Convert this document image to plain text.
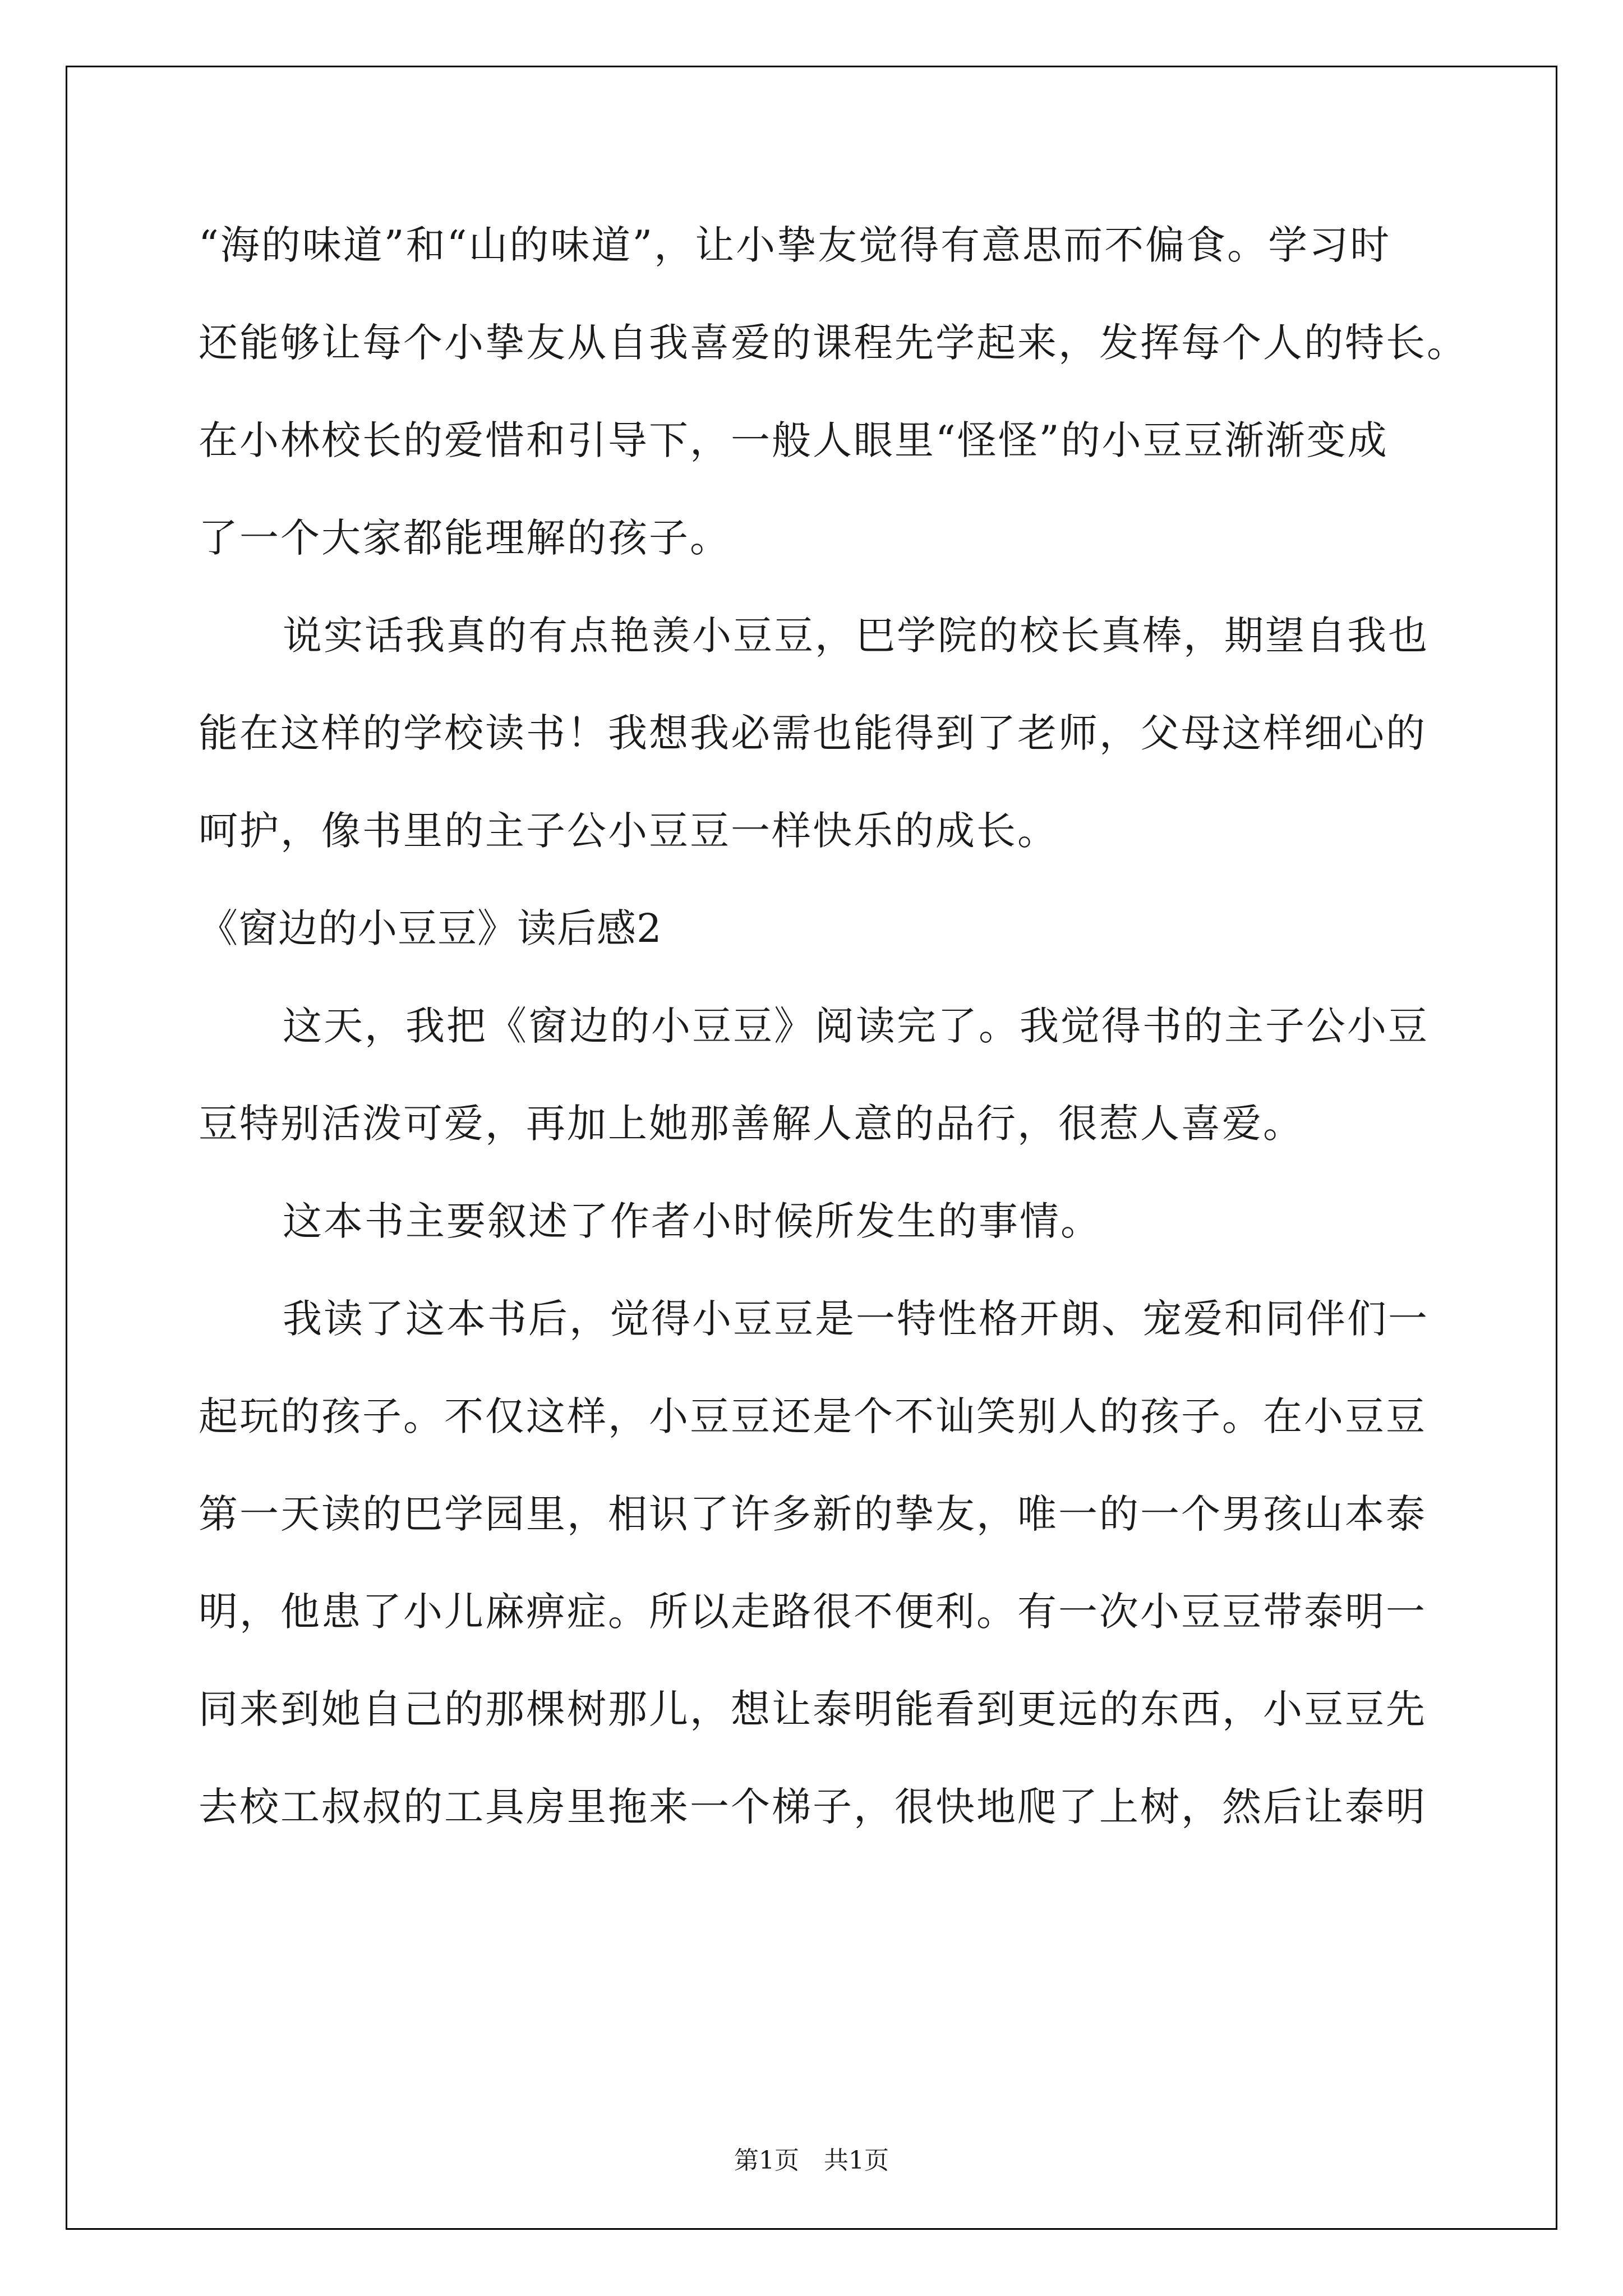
“海的味道”和“山的味道”，让小挚友觉得有意思而不偏食。学习时
还能够让每个小挚友从自我喜爱的课程先学起来，发挥每个人的特长。
在小林校长的爱惜和引导下，一般人眼里“怪怪”的小豆豆渐渐变成
了一个大家都能理解的孩子。
说实话我真的有点艳羡小豆豆，巴学院的校长真棒，期望自我也
能在这样的学校读书！我想我必需也能得到了老师，父母这样细心的
呵护，像书里的主子公小豆豆一样快乐的成长。
《窗边的小豆豆》读后感2
这天，我把《窗边的小豆豆》阅读完了。我觉得书的主子公小豆
豆特别活泼可爱，再加上她那善解人意的品行，很惹人喜爱。
这本书主要叙述了作者小时候所发生的事情。
我读了这本书后，觉得小豆豆是一特性格开朗、宠爱和同伴们一
起玩的孩子。不仅这样，小豆豆还是个不讪笑别人的孩子。在小豆豆
第一天读的巴学园里，相识了许多新的挚友，唯一的一个男孩山本泰
明，他患了小儿麻痹症。所以走路很不便利。有一次小豆豆带泰明一
同来到她自己的那棵树那儿，想让泰明能看到更远的东西，小豆豆先
去校工叔叔的工具房里拖来一个梯子，很快地爬了上树，然后让泰明
第1页　共1页
